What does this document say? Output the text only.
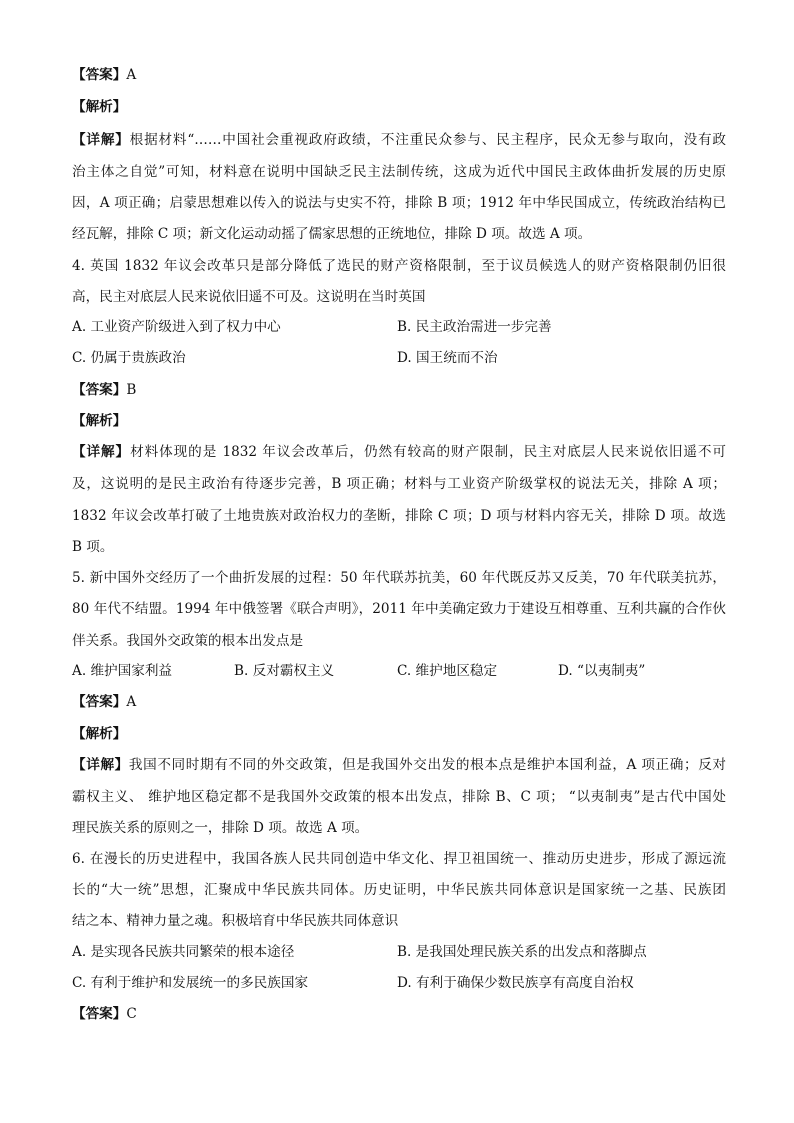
【答案】A
【解析】
【详解】根据材料“……中国社会重视政府政绩，不注重民众参与、民主程序，民众无参与取向，没有政
治主体之自觉”可知，材料意在说明中国缺乏民主法制传统，这成为近代中国民主政体曲折发展的历史原
因，A 项正确；启蒙思想难以传入的说法与史实不符，排除 B 项；1912 年中华民国成立，传统政治结构已
经瓦解，排除 C 项；新文化运动动摇了儒家思想的正统地位，排除 D 项。故选 A 项。
4. 英国 1832 年议会改革只是部分降低了选民的财产资格限制，至于议员候选人的财产资格限制仍旧很
高，民主对底层人民来说依旧遥不可及。这说明在当时英国
A. 工业资产阶级进入到了权力中心	B. 民主政治需进一步完善
C. 仍属于贵族政治	D. 国王统而不治
【答案】B
【解析】
【详解】材料体现的是 1832 年议会改革后，仍然有较高的财产限制，民主对底层人民来说依旧遥不可
及，这说明的是民主政治有待逐步完善，B 项正确；材料与工业资产阶级掌权的说法无关，排除 A 项；
1832 年议会改革打破了土地贵族对政治权力的垄断，排除 C 项；D 项与材料内容无关，排除 D 项。故选
B 项。
5. 新中国外交经历了一个曲折发展的过程：50 年代联苏抗美，60 年代既反苏又反美，70 年代联美抗苏，
80 年代不结盟。1994 年中俄签署《联合声明》，2011 年中美确定致力于建设互相尊重、互利共赢的合作伙
伴关系。我国外交政策的根本出发点是
A. 维护国家利益	B. 反对霸权主义	C. 维护地区稳定	D. “以夷制夷”
【答案】A
【解析】
【详解】我国不同时期有不同的外交政策，但是我国外交出发的根本点是维护本国利益，A 项正确；反对
霸权主义、 维护地区稳定都不是我国外交政策的根本出发点，排除 B、C 项； “以夷制夷”是古代中国处
理民族关系的原则之一，排除 D 项。故选 A 项。
6. 在漫长的历史进程中，我国各族人民共同创造中华文化、捍卫祖国统一、推动历史进步，形成了源远流
长的“大一统”思想，汇聚成中华民族共同体。历史证明，中华民族共同体意识是国家统一之基、民族团
结之本、精神力量之魂。积极培育中华民族共同体意识
A. 是实现各民族共同繁荣的根本途径	B. 是我国处理民族关系的出发点和落脚点
C. 有利于维护和发展统一的多民族国家	D. 有利于确保少数民族享有高度自治权
【答案】C
